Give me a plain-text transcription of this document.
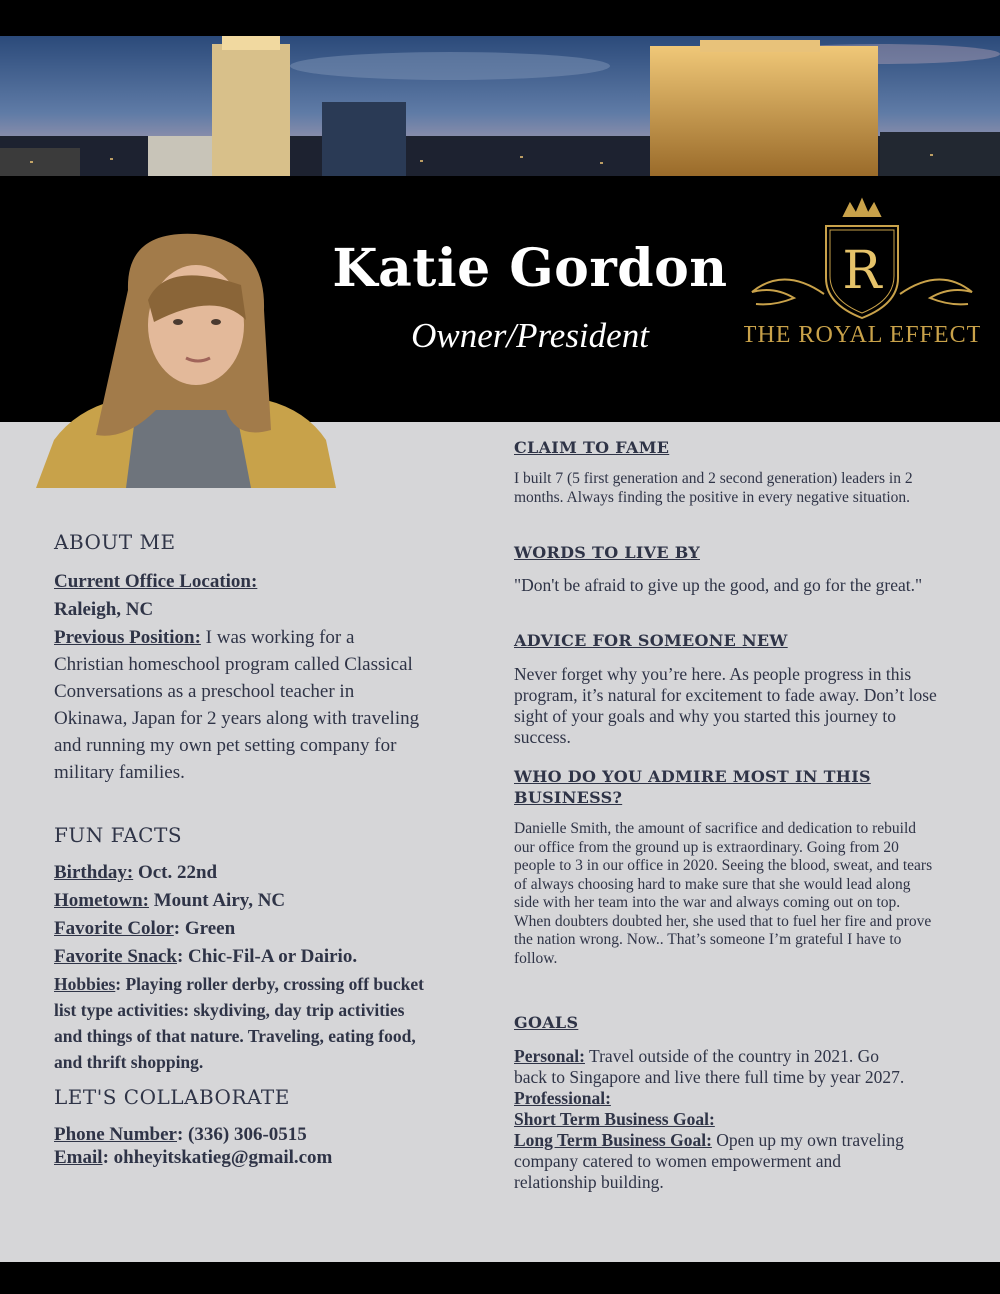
Katie Gordon
Owner/President
R
THE ROYAL EFFECT

ABOUT ME

Current Office Location:

Raleigh, NC

Previous Position: I was working for a Christian homeschool program called Classical Conversations as a preschool teacher in Okinawa, Japan for 2 years along with traveling and running my own pet setting company for military families.

FUN FACTS

Birthday: Oct. 22nd

Hometown: Mount Airy, NC

Favorite Color: Green

Favorite Snack: Chic-Fil-A or Dairio.

Hobbies: Playing roller derby, crossing off bucket list type activities: skydiving, day trip activities and things of that nature. Traveling, eating food, and thrift shopping.

LET'S COLLABORATE

Phone Number: (336) 306-0515

Email: ohheyitskatieg@gmail.com

CLAIM TO FAME

I built 7 (5 first generation and 2 second generation) leaders in 2 months. Always finding the positive in every negative situation.

WORDS TO LIVE BY

"Don't be afraid to give up the good, and go for the great."

ADVICE FOR SOMEONE NEW

Never forget why you’re here. As people progress in this program, it’s natural for excitement to fade away. Don’t lose sight of your goals and why you started this journey to success.

WHO DO YOU ADMIRE MOST IN THIS BUSINESS?

Danielle Smith, the amount of sacrifice and dedication to rebuild our office from the ground up is extraordinary. Going from 20 people to 3 in our office in 2020. Seeing the blood, sweat, and tears of always choosing hard to make sure that she would lead along side with her team into the war and always coming out on top. When doubters doubted her, she used that to fuel her fire and prove the nation wrong. Now.. That’s someone I’m grateful I have to follow.

GOALS

Personal: Travel outside of the country in 2021. Go back to Singapore and live there full time by year 2027.

Professional:

Short Term Business Goal:

Long Term Business Goal: Open up my own traveling company catered to women empowerment and relationship building.
